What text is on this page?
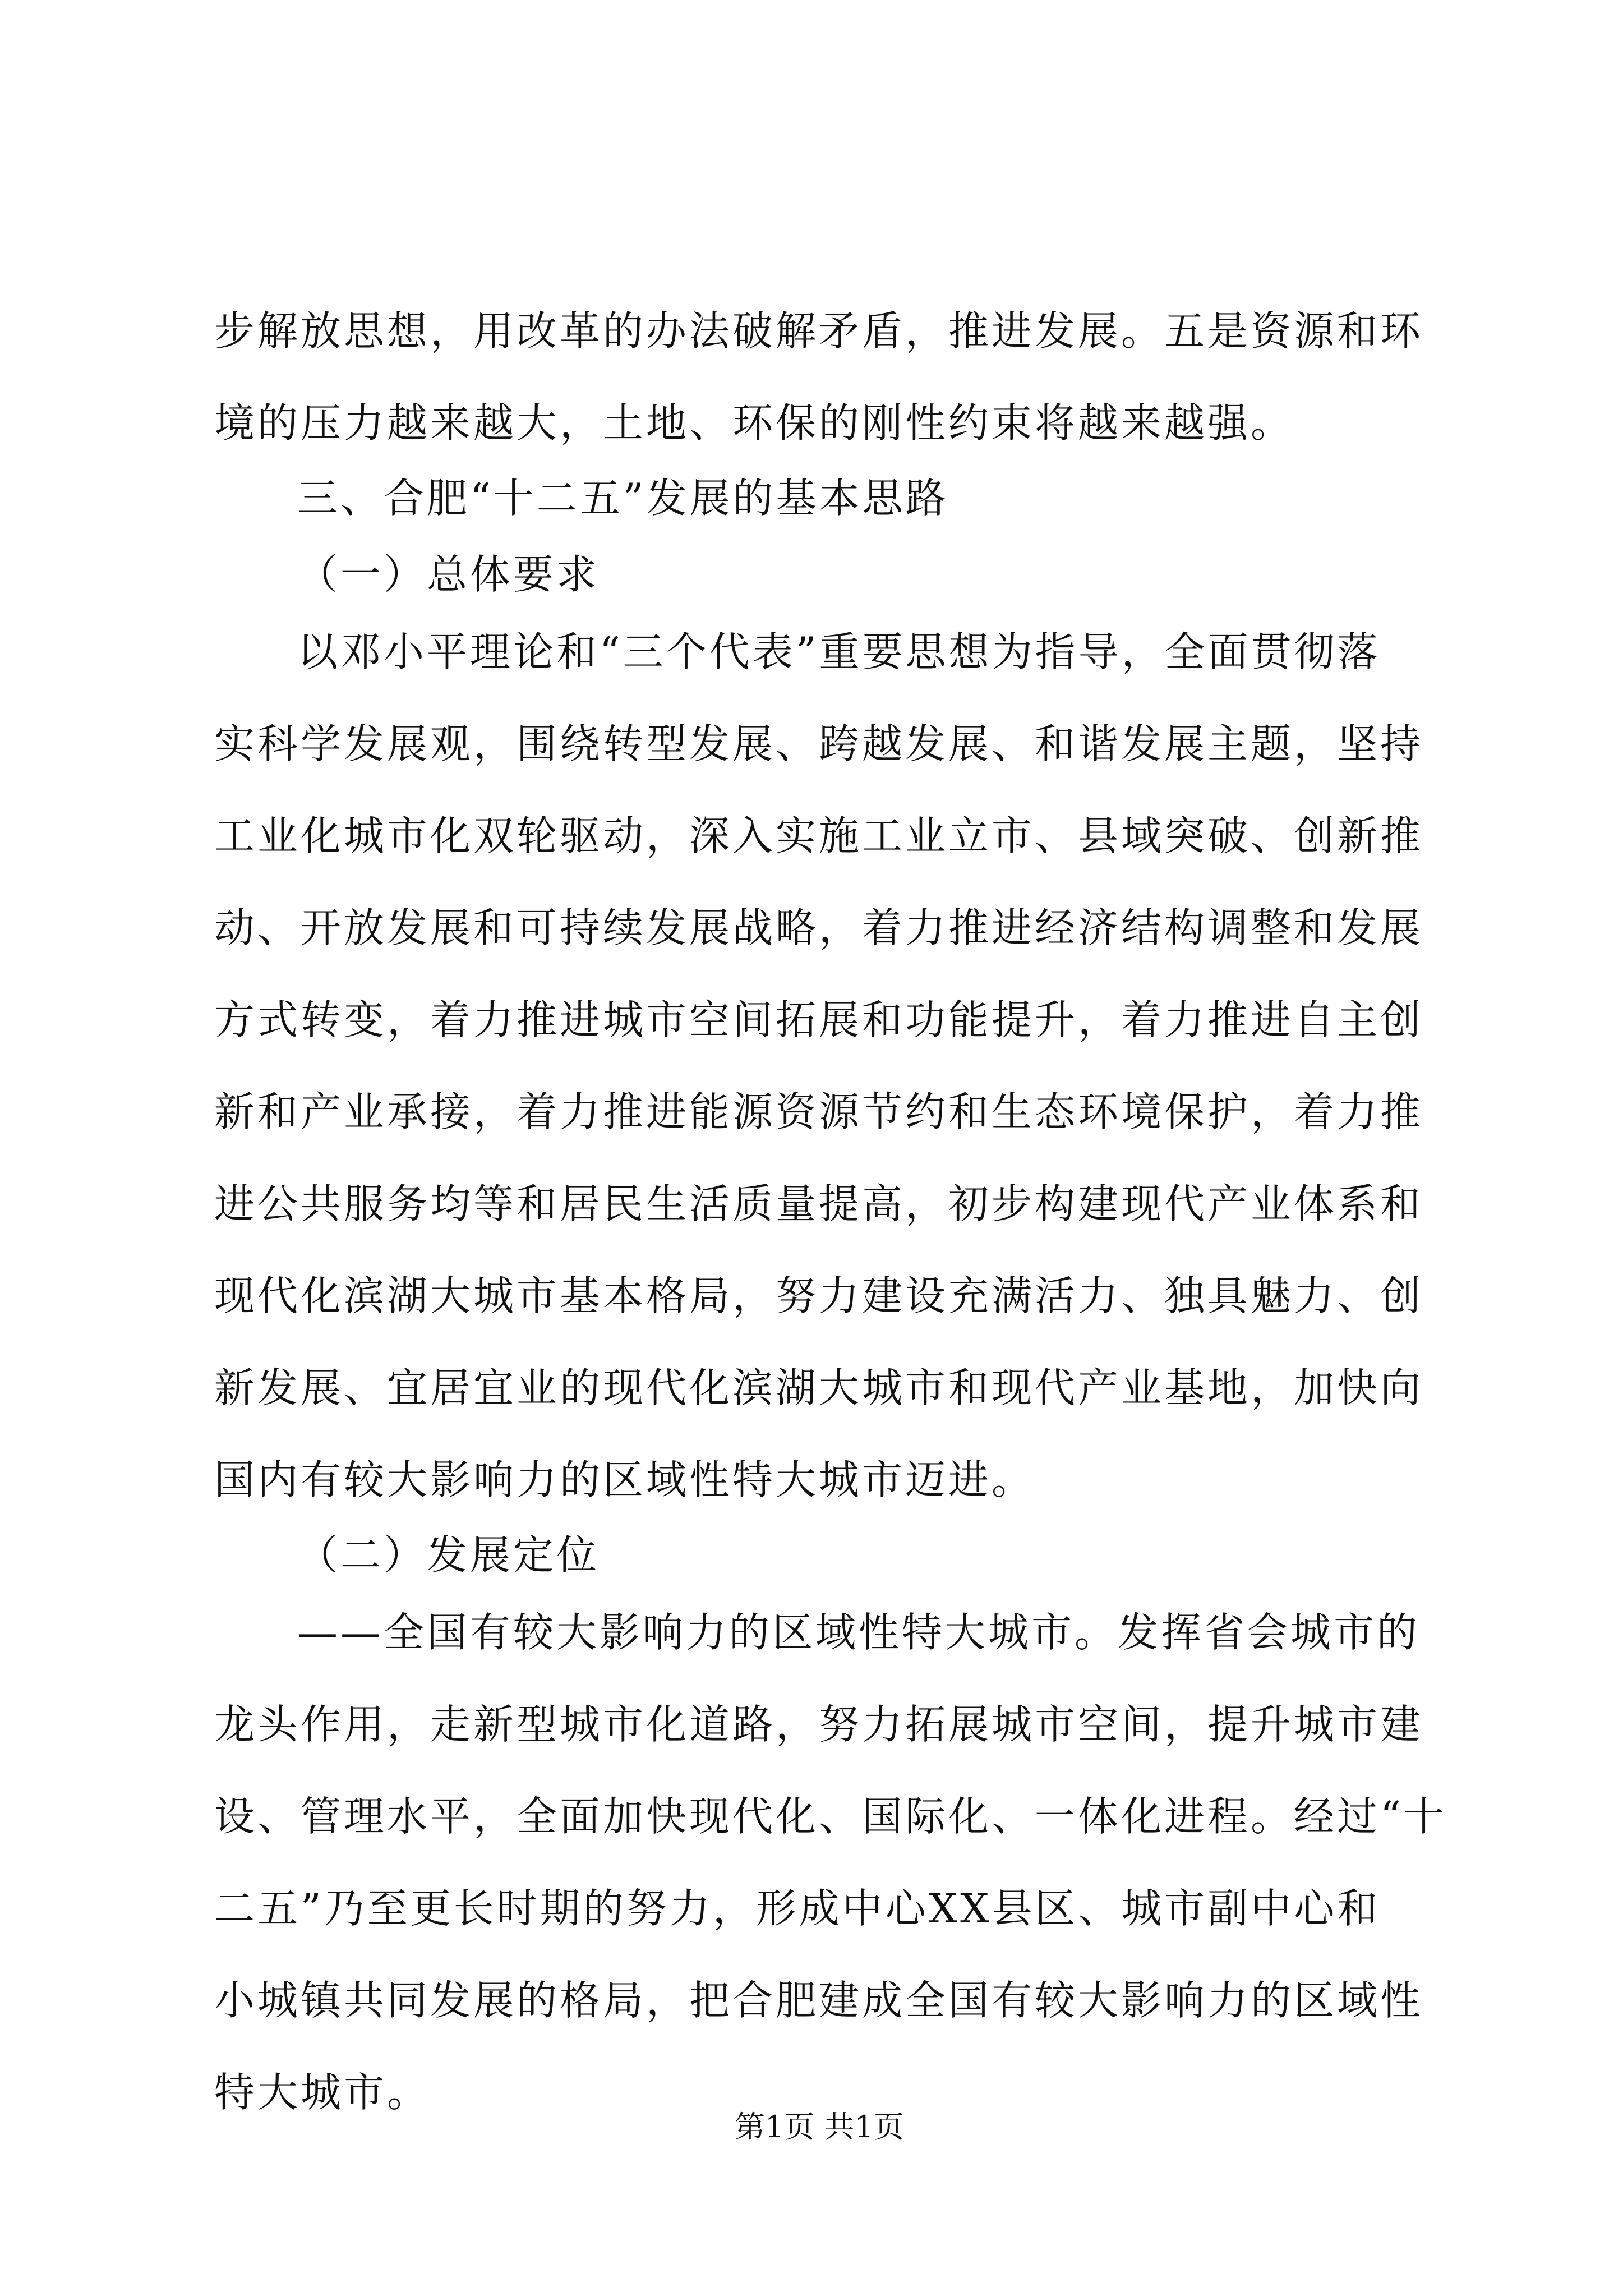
步解放思想，用改革的办法破解矛盾，推进发展。五是资源和环
境的压力越来越大，土地、环保的刚性约束将越来越强。
三、合肥“十二五”发展的基本思路
（一）总体要求
以邓小平理论和“三个代表”重要思想为指导，全面贯彻落
实科学发展观，围绕转型发展、跨越发展、和谐发展主题，坚持
工业化城市化双轮驱动，深入实施工业立市、县域突破、创新推
动、开放发展和可持续发展战略，着力推进经济结构调整和发展
方式转变，着力推进城市空间拓展和功能提升，着力推进自主创
新和产业承接，着力推进能源资源节约和生态环境保护，着力推
进公共服务均等和居民生活质量提高，初步构建现代产业体系和
现代化滨湖大城市基本格局，努力建设充满活力、独具魅力、创
新发展、宜居宜业的现代化滨湖大城市和现代产业基地，加快向
国内有较大影响力的区域性特大城市迈进。
（二）发展定位
——全国有较大影响力的区域性特大城市。发挥省会城市的
龙头作用，走新型城市化道路，努力拓展城市空间，提升城市建
设、管理水平，全面加快现代化、国际化、一体化进程。经过“十
二五”乃至更长时期的努力，形成中心XX县区、城市副中心和
小城镇共同发展的格局，把合肥建成全国有较大影响力的区域性
特大城市。
第1页 共1页
